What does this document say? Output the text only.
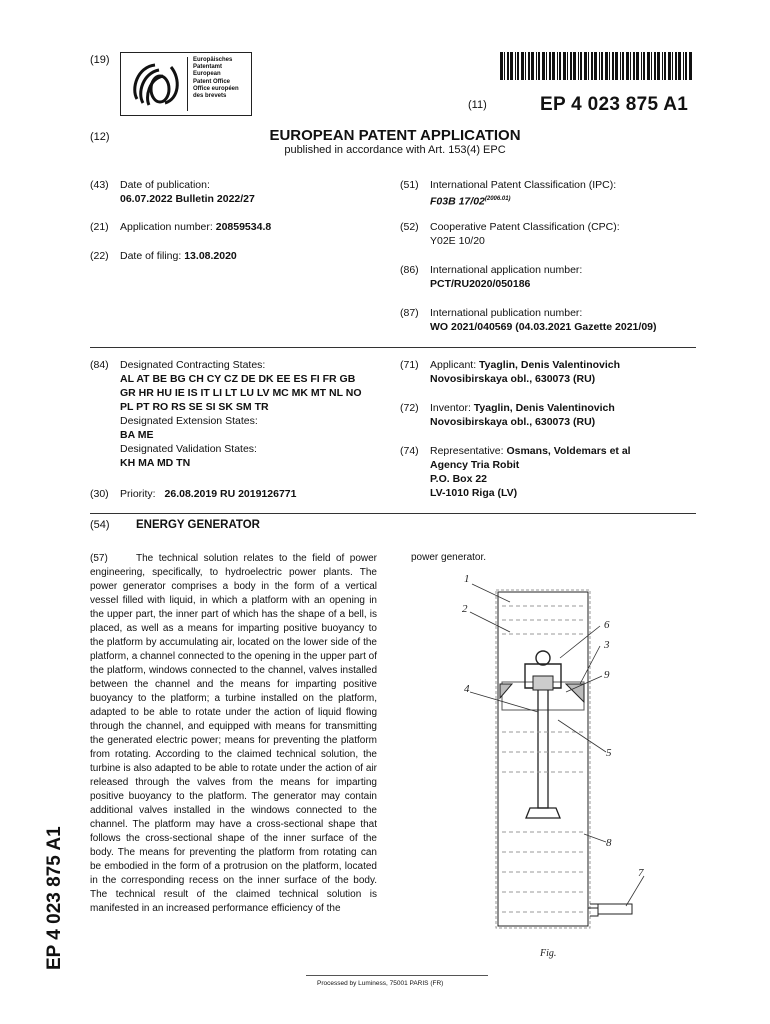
(19)	Europäisches
Patentamt
European
Patent Office
Office européen
des brevets
(11)	EP 4 023 875 A1
(12)	EUROPEAN PATENT APPLICATION
published in accordance with Art. 153(4) EPC
(43) Date of publication:
06.07.2022 Bulletin 2022/27
(21) Application number: 20859534.8
(22) Date of filing: 13.08.2020
(51) International Patent Classification (IPC):
F03B $17/02^{(2006.01)}$
(52) Cooperative Patent Classification (CPC):
Y02E 10/20
(86) International application number:
PCT/RU2020/050186
(87) International publication number:
WO 2021/040569 (04.03.2021 Gazette 2021/09)
(84) Designated Contracting States:
AL AT BE BG CH CY CZ DE DK EE ES FI FR GB
GR HR HU IE IS IT LI LT LU LV MC MK MT NL NO
PL PT RO RS SE SI SK SM TR
Designated Extension States:
BA ME
Designated Validation States:
KH MA MD TN
(30) Priority: 26.08.2019 RU 2019126771
(71) Applicant: Tyaglin, Denis Valentinovich
Novosibirskaya obl., 630073 (RU)
(72) Inventor: Tyaglin, Denis Valentinovich
Novosibirskaya obl., 630073 (RU)
(74) Representative: Osmans, Voldemars et al
Agency Tria Robit
P.O. Box 22
LV-1010 Riga (LV)
(54) ENERGY GENERATOR
(57)	The technical solution relates to the field of power engineering, specifically, to hydroelectric power plants. The power generator comprises a body in the form of a vertical vessel filled with liquid, in which a platform with an opening in the upper part, the inner part of which has the shape of a bell, is placed, as well as a means for imparting positive buoyancy to the platform by accumulating air, located on the lower side of the platform, a channel connected to the opening in the upper part of the platform, windows connected to the channel, valves installed between the channel and the means for imparting positive buoyancy to the platform; a turbine installed on the platform, adapted to be able to rotate under the action of liquid flowing through the channel, and equipped with means for transmitting the generated electric power; means for preventing the platform from rotating. According to the claimed technical solution, the turbine is also adapted to be able to rotate under the action of air released through the valves from the means for imparting positive buoyancy to the platform. The generator may contain additional valves installed in the windows connected to the channel. The platform may have a cross-sectional shape that follows the cross-sectional shape of the inner surface of the body. The means for preventing the platform from rotating can be embodied in the form of a protrusion on the platform, located in the corresponding recess on the inner surface of the body. The technical result of the claimed technical solution is manifested in an increased performance efficiency of the
power generator.
1
2
6
3
9
4
5
8
7
Fig.
EP 4 023 875 A1
Processed by Luminess, 75001 PARIS (FR)
